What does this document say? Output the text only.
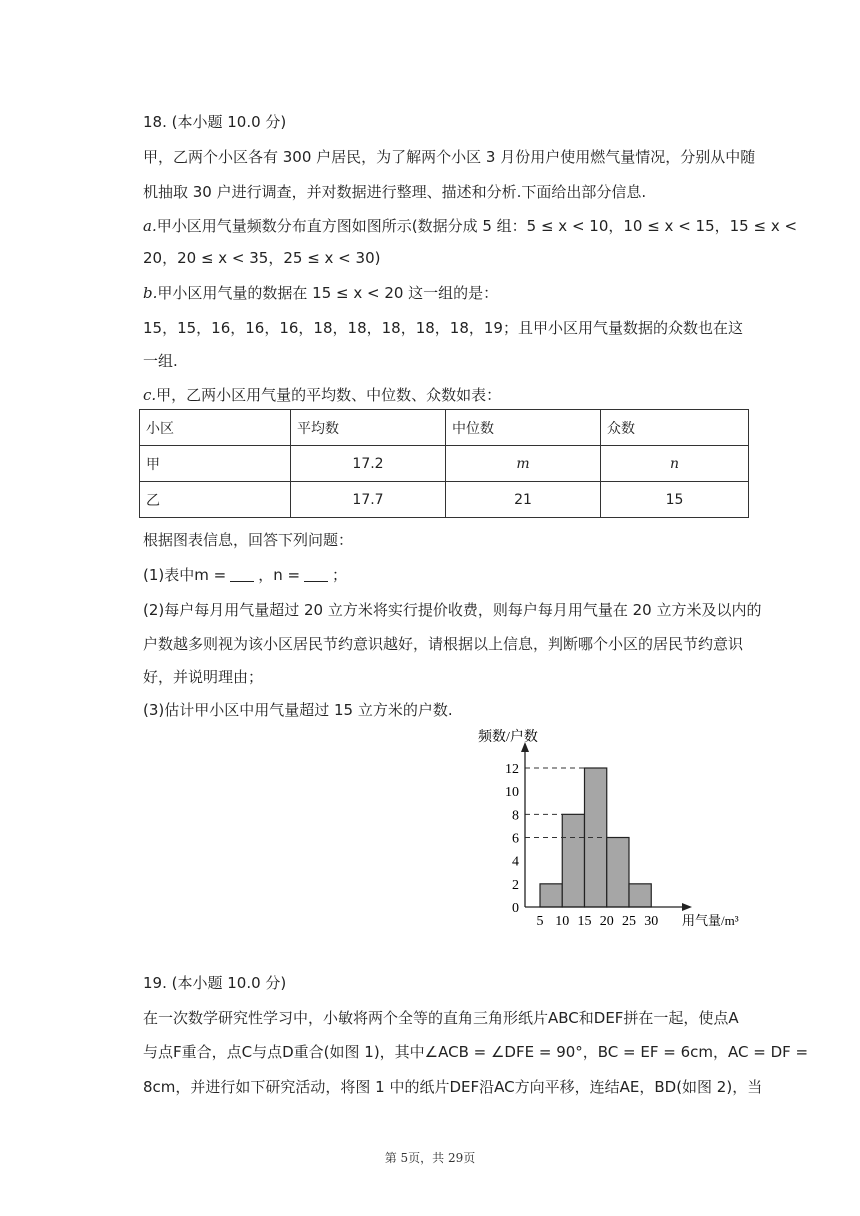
18. (本小题 10.0 分)
甲，乙两个小区各有 300 户居民，为了解两个小区 3 月份用户使用燃气量情况，分别从中随
机抽取 30 户进行调查，并对数据进行整理、描述和分析.下面给出部分信息.
a.甲小区用气量频数分布直方图如图所示(数据分成 5 组：5 ≤ x < 10，10 ≤ x < 15，15 ≤ x <
20，20 ≤ x < 35，25 ≤ x < 30)
b.甲小区用气量的数据在 15 ≤ x < 20 这一组的是：
15，15，16，16，16，18，18，18，18，18，19；且甲小区用气量数据的众数也在这
一组.
c.甲，乙两小区用气量的平均数、中位数、众数如表：
小区	平均数	中位数	众数
甲	17.2	m	n
乙	17.7	21	15
根据图表信息，回答下列问题：
(1)表中m = ，n = ；
(2)每户每月用气量超过 20 立方米将实行提价收费，则每户每月用气量在 20 立方米及以内的
户数越多则视为该小区居民节约意识越好，请根据以上信息，判断哪个小区的居民节约意识
好，并说明理由；
(3)估计甲小区中用气量超过 15 立方米的户数.
0
2
4
6
8
10
12
5 10 15 20 25 30
频数/户数
用气量/m³
19. (本小题 10.0 分)
在一次数学研究性学习中，小敏将两个全等的直角三角形纸片ABC和DEF拼在一起，使点A
与点F重合，点C与点D重合(如图 1)，其中∠ACB = ∠DFE = 90°，BC = EF = 6cm，AC = DF =
8cm，并进行如下研究活动，将图 1 中的纸片DEF沿AC方向平移，连结AE，BD(如图 2)，当
第 5页，共 29页
